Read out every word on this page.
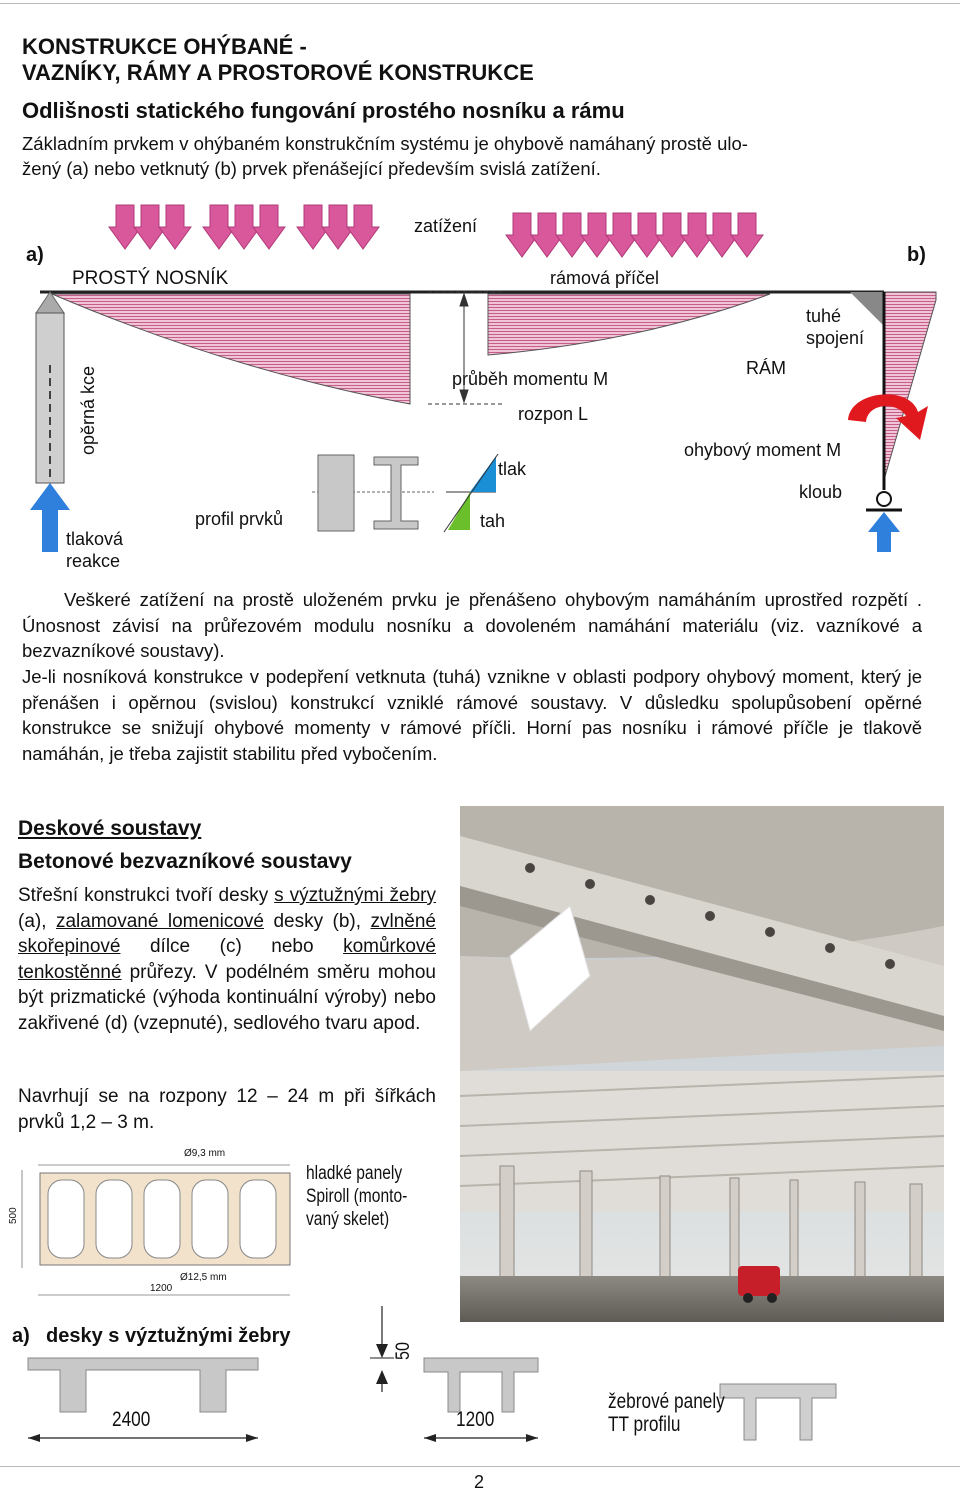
KONSTRUKCE OHÝBANÉ -
VAZNÍKY, RÁMY A PROSTOROVÉ KONSTRUKCE
Odlišnosti statického fungování prostého nosníku a rámu
Základním prvkem v ohýbaném konstrukčním systému je ohybově namáhaný prostě ulo-
žený (a) nebo vetknutý (b) prvek přenášející především svislá zatížení.
a)	b)
zatížení
PROSTÝ NOSNÍK	rámová příčel
opěrná kce	průběh momentu M
RÁM
tuhé
spojení
rozpon L
tlak
ohybový moment M
kloub
profil prvků	tah
tlaková
reakce
Veškeré zatížení na prostě uloženém prvku je přenášeno ohybovým namáháním uprostřed rozpětí . Únosnost závisí na průřezovém modulu nosníku a dovoleném namáhání materiálu (viz. vazníkové a bezvazníkové soustavy).
Je-li nosníková konstrukce v podepření vetknuta (tuhá) vznikne v oblasti podpory ohybový moment, který je přenášen i opěrnou (svislou) konstrukcí vzniklé rámové soustavy. V důsledku spolupůsobení opěrné konstrukce se snižují ohybové momenty v rámové příčli. Horní pas nosníku i rámové příčle je tlakově namáhán, je třeba zajistit stabilitu před vybočením.
Deskové soustavy
Betonové bezvazníkové soustavy
Střešní konstrukci tvoří desky s výztužnými žebry (a), zalamované lomenicové desky (b), zvlněné skořepinové dílce (c) nebo komůrkové tenkostěnné průřezy. V podélném směru mohou být prizmatické (výhoda kontinuální výroby) nebo zakřivené (d) (vzepnuté), sedlového tvaru apod.
Navrhují se na rozpony 12 – 24 m při šířkách prvků 1,2 – 3 m.
Ø9,3 mm
Ø12,5 mm
500
1200
hladké panely
Spiroll (monto-
vaný skelet)
a) desky s výztužnými žebry
50
2400	1200
žebrové panely
TT profilu
2
